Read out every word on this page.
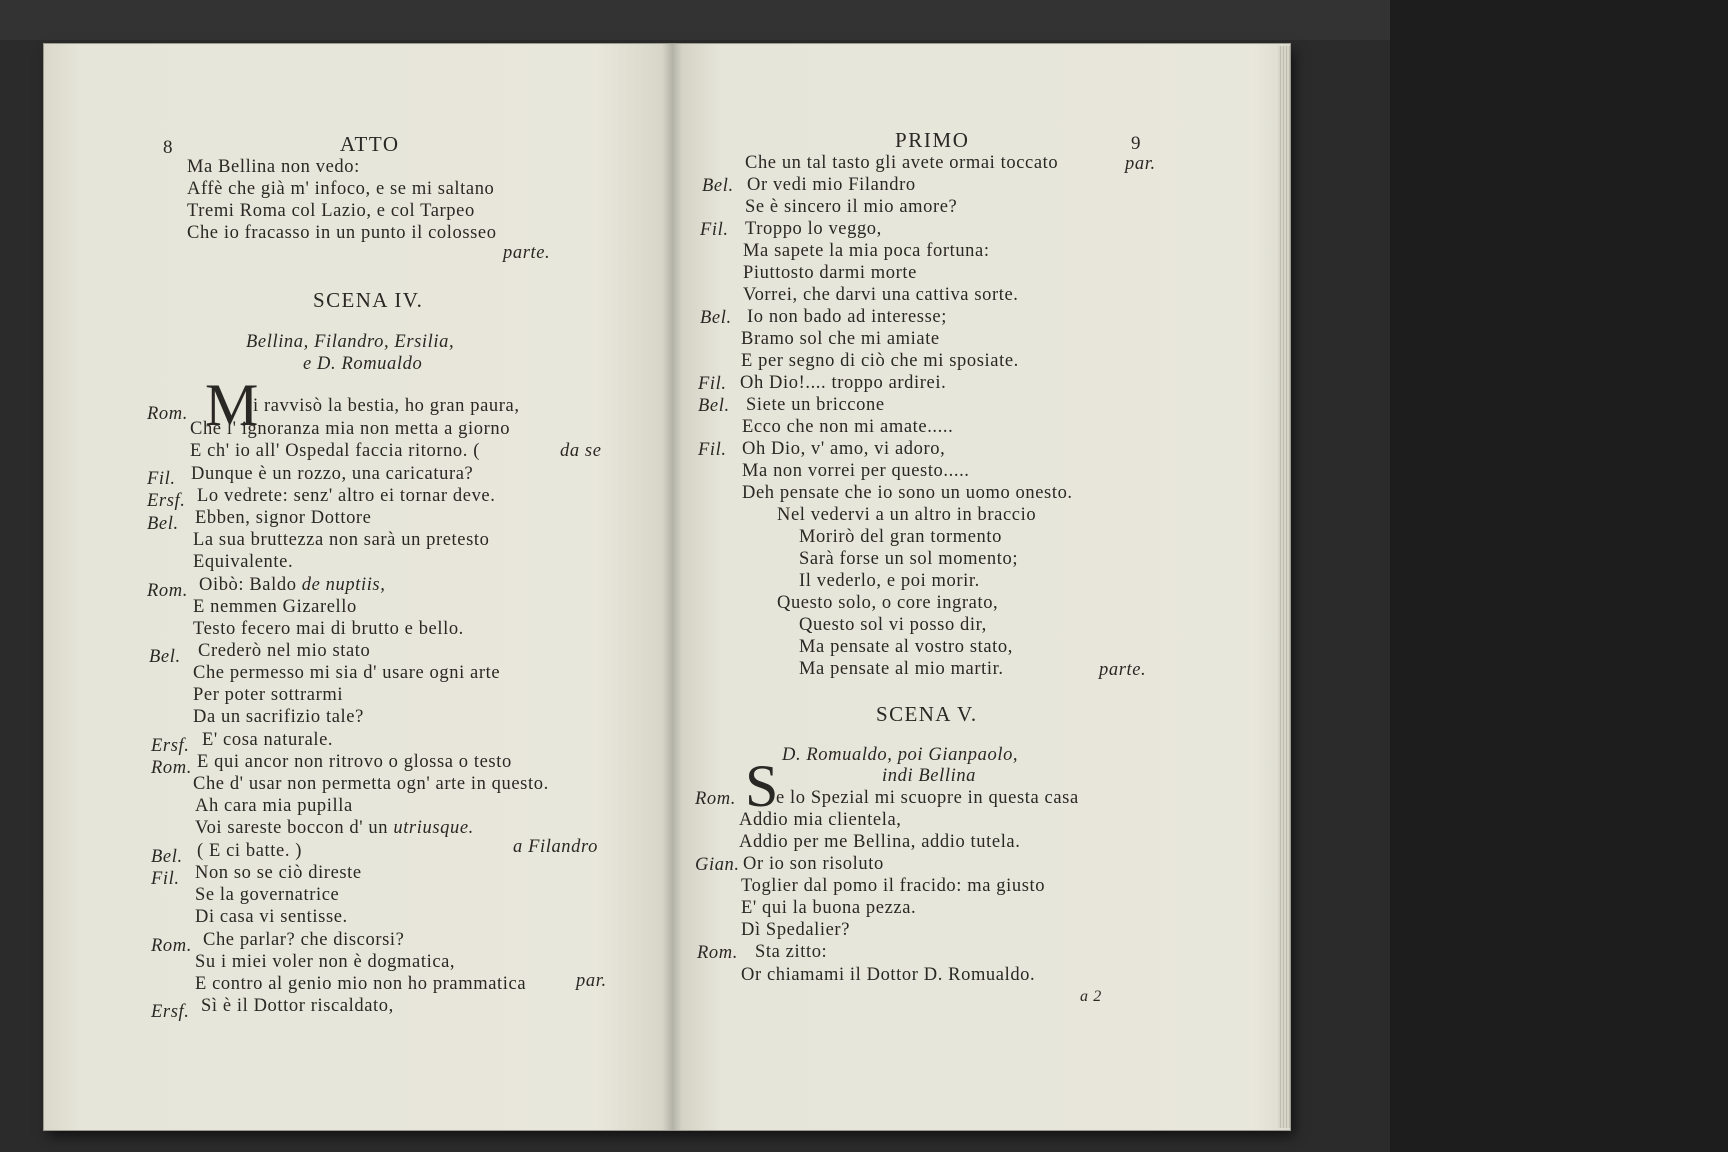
8	ATTO
Ma Bellina non vedo:
Affè che già m' infoco, e se mi saltano
Tremi Roma col Lazio, e col Tarpeo
Che io fracasso in un punto il colosseo
parte.
SCENA IV.
Bellina, Filandro, Ersilia,
e D. Romualdo
M
Rom.	i ravvisò la bestia, ho gran paura,
Che l' ignoranza mia non metta a giorno
E ch' io all' Ospedal faccia ritorno. (	da se
Fil. Dunque è un rozzo, una caricatura?
Ersf. Lo vedrete: senz' altro ei tornar deve.
Bel. Ebben, signor Dottore
La sua bruttezza non sarà un pretesto
Equivalente.
Rom. Oibò: Baldo de nuptiis,
E nemmen Gizarello
Testo fecero mai di brutto e bello.
Bel. Crederò nel mio stato
Che permesso mi sia d' usare ogni arte
Per poter sottrarmi
Da un sacrifizio tale?
Ersf. E' cosa naturale.
Rom. E qui ancor non ritrovo o glossa o testo
Che d' usar non permetta ogn' arte in questo.
Ah cara mia pupilla
Voi sareste boccon d' un utriusque.
Bel. ( E ci batte. )	a Filandro
Fil. Non so se ciò direste
Se la governatrice
Di casa vi sentisse.
Rom. Che parlar? che discorsi?
Su i miei voler non è dogmatica,
E contro al genio mio non ho prammatica	par.
Ersf. Sì è il Dottor riscaldato,
PRIMO	9
Che un tal tasto gli avete ormai toccato	par.
Bel. Or vedi mio Filandro
Se è sincero il mio amore?
Fil. Troppo lo veggo,
Ma sapete la mia poca fortuna:
Piuttosto darmi morte
Vorrei, che darvi una cattiva sorte.
Bel. Io non bado ad interesse;
Bramo sol che mi amiate
E per segno di ciò che mi sposiate.
Fil. Oh Dio!.... troppo ardirei.
Bel. Siete un briccone
Ecco che non mi amate.....
Fil. Oh Dio, v' amo, vi adoro,
Ma non vorrei per questo.....
Deh pensate che io sono un uomo onesto.
Nel vedervi a un altro in braccio
Morirò del gran tormento
Sarà forse un sol momento;
Il vederlo, e poi morir.
Questo solo, o core ingrato,
Questo sol vi posso dir,
Ma pensate al vostro stato,
Ma pensate al mio martir.	parte.
SCENA V.
D. Romualdo, poi Gianpaolo,
indi Bellina
S
Rom. e lo Spezial mi scuopre in questa casa
Addio mia clientela,
Addio per me Bellina, addio tutela.
Gian. Or io son risoluto
Toglier dal pomo il fracido: ma giusto
E' qui la buona pezza.
Dì Spedalier?
Rom. Sta zitto:
Or chiamami il Dottor D. Romualdo.
a 2
